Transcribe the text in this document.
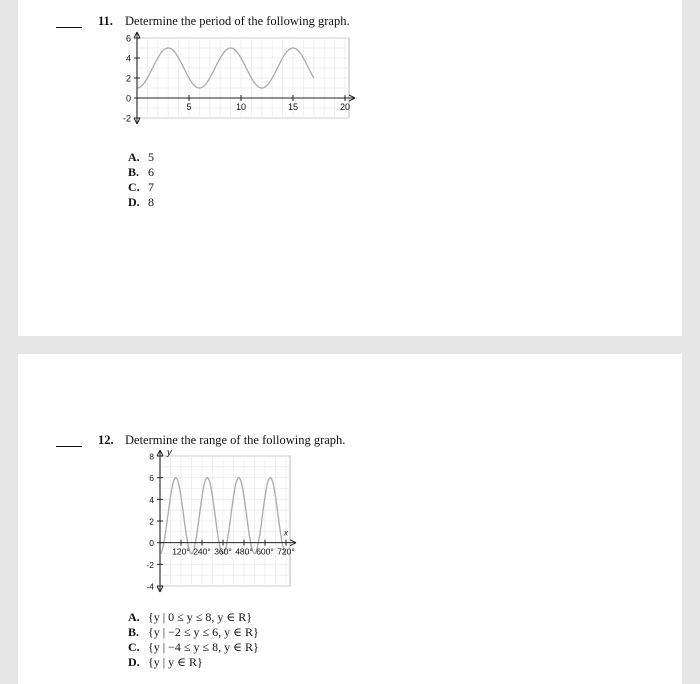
11. Determine the period of the following graph.
5	10	15	20
6
4
2
0
-2
A. 5
B. 6
C. 7
D. 8
12. Determine the range of the following graph.
120° 240° 360° 480° 600° 720°
8
6
4
2
0
-2
-4
x
y
A. {y | 0 ≤ y ≤ 8, y ∈ R}
B. {y | −2 ≤ y ≤ 6, y ∈ R}
C. {y | −4 ≤ y ≤ 8, y ∈ R}
D. {y | y ∈ R}
